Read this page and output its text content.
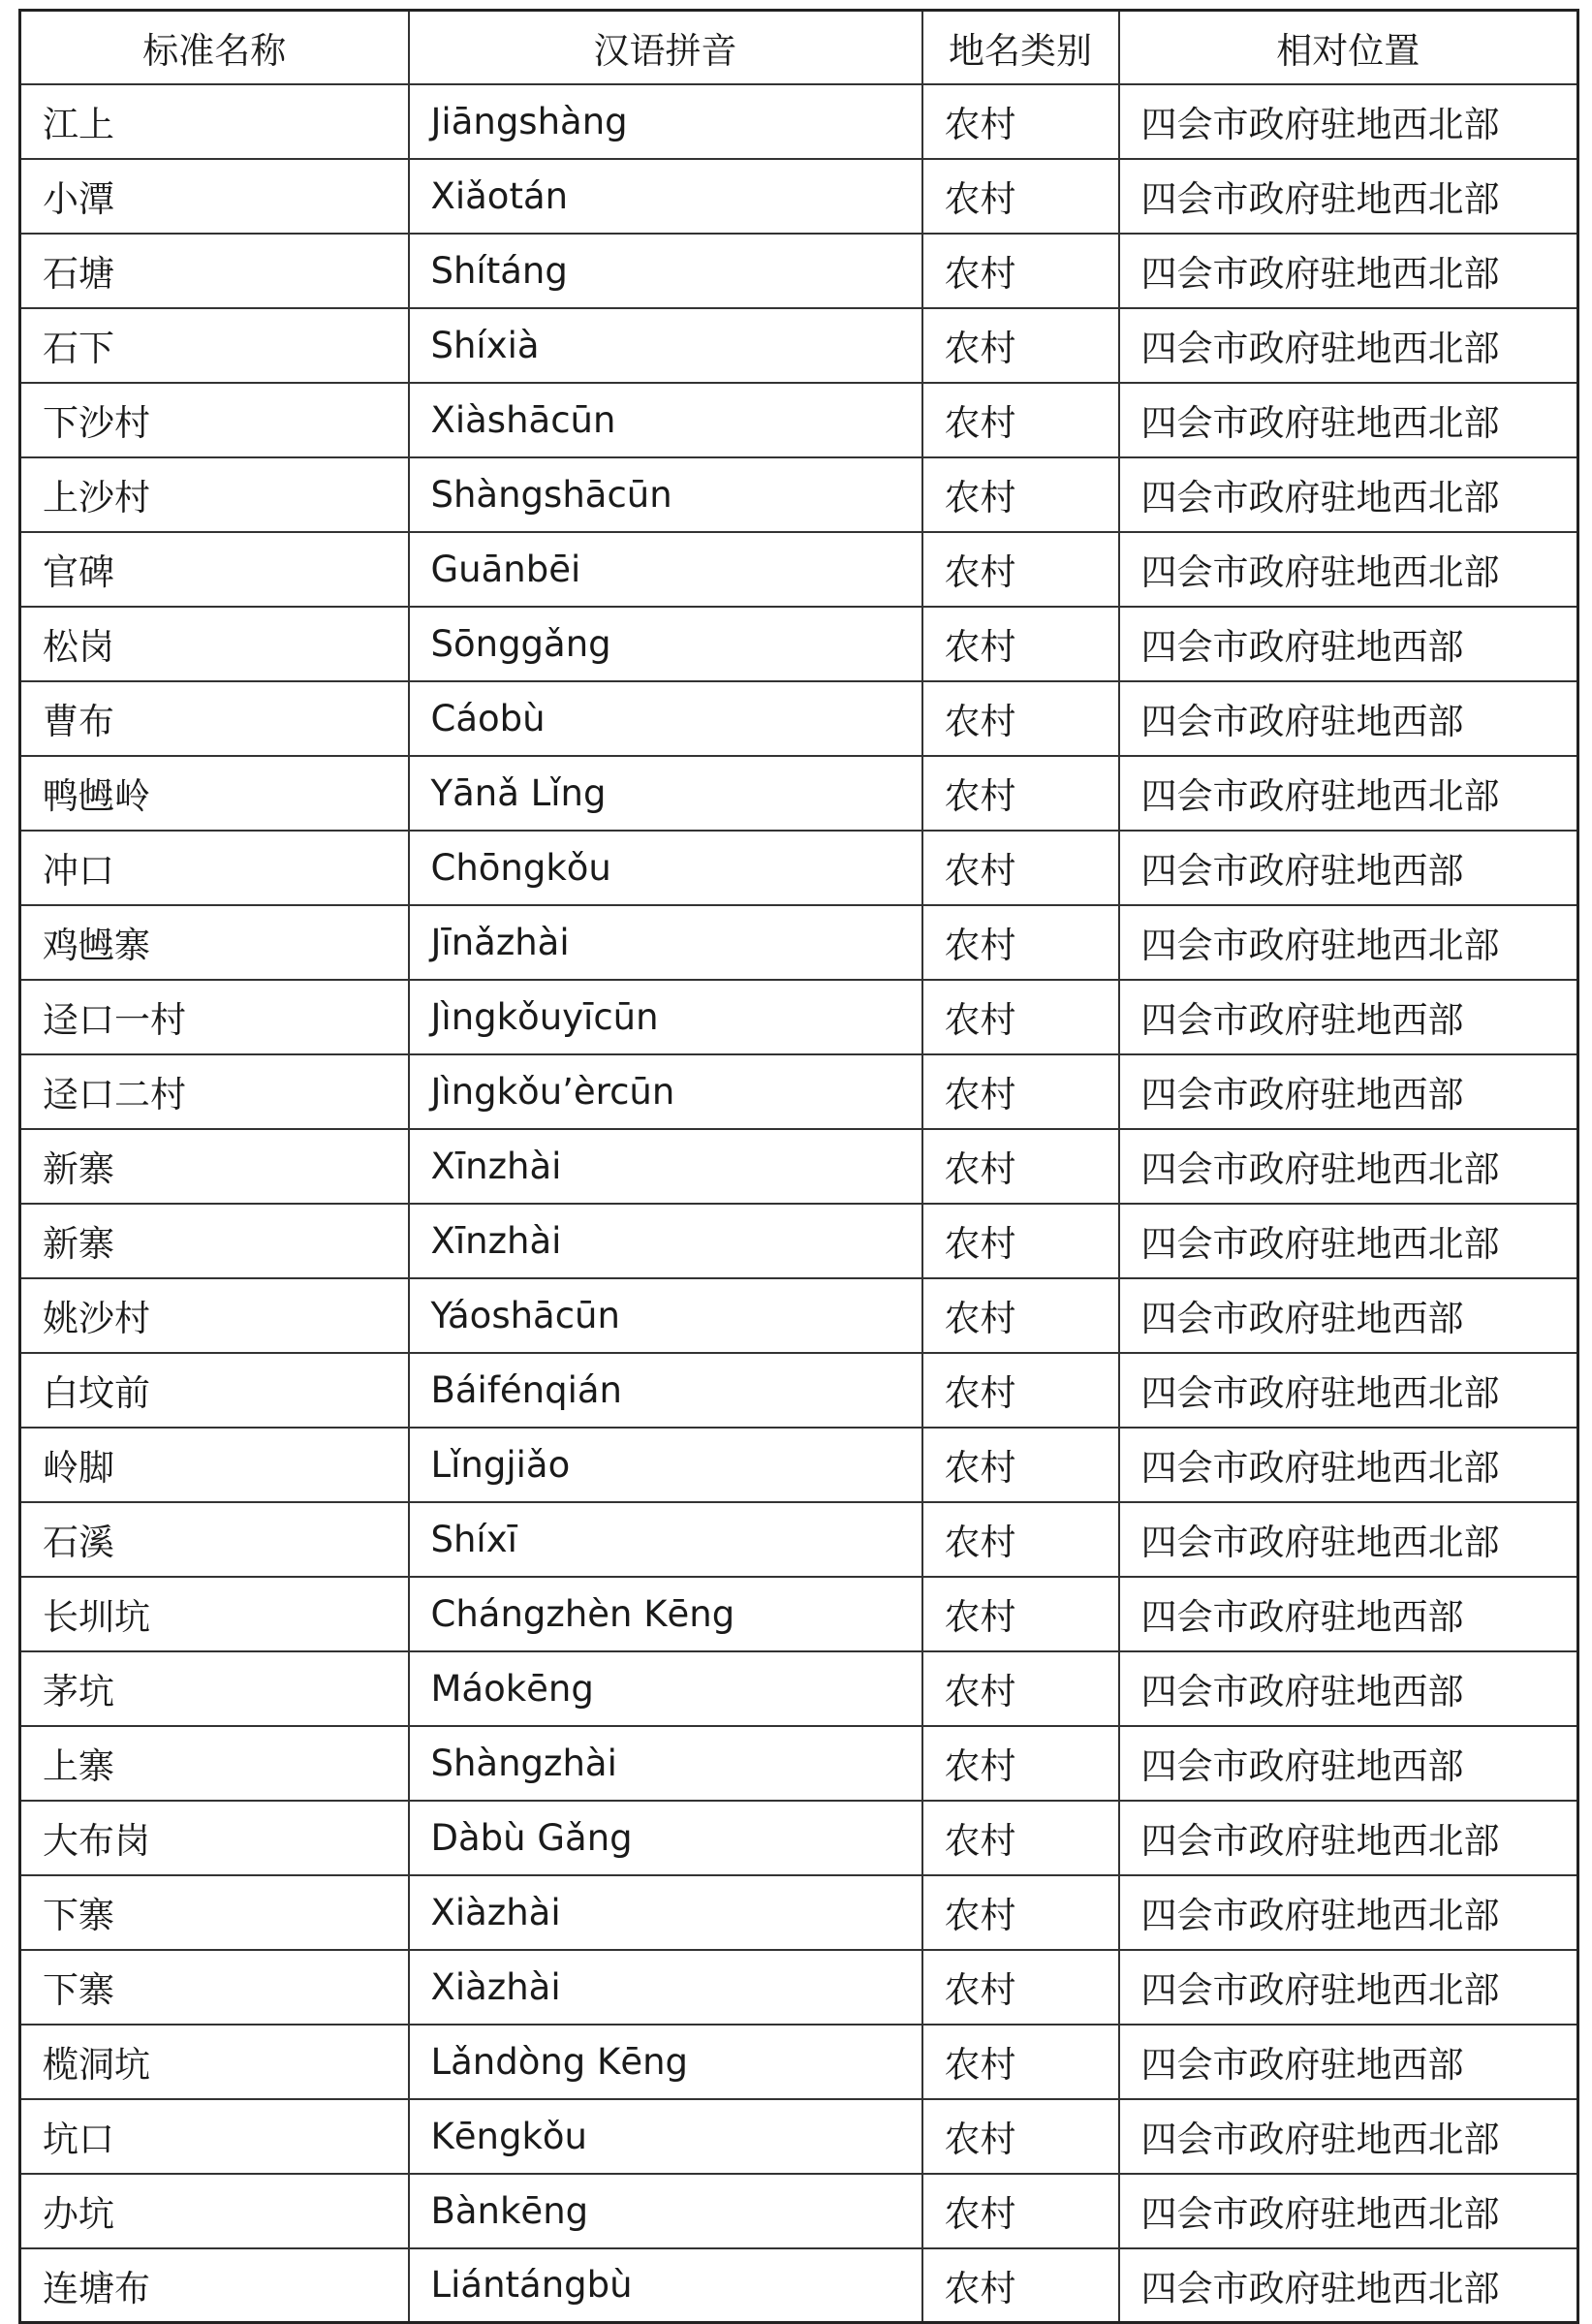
标准名称	汉语拼音	地名类别	相对位置
江上	Jiāngshàng	农村	四会市政府驻地西北部
小潭	Xiǎotán	农村	四会市政府驻地西北部
石塘	Shítáng	农村	四会市政府驻地西北部
石下	Shíxià	农村	四会市政府驻地西北部
下沙村	Xiàshācūn	农村	四会市政府驻地西北部
上沙村	Shàngshācūn	农村	四会市政府驻地西北部
官碑	Guānbēi	农村	四会市政府驻地西北部
松岗	Sōnggǎng	农村	四会市政府驻地西部
曹布	Cáobù	农村	四会市政府驻地西部
鸭乸岭	Yānǎ Lǐng	农村	四会市政府驻地西北部
冲口	Chōngkǒu	农村	四会市政府驻地西部
鸡乸寨	Jīnǎzhài	农村	四会市政府驻地西北部
迳口一村	Jìngkǒuyīcūn	农村	四会市政府驻地西部
迳口二村	Jìngkǒu’èrcūn	农村	四会市政府驻地西部
新寨	Xīnzhài	农村	四会市政府驻地西北部
新寨	Xīnzhài	农村	四会市政府驻地西北部
姚沙村	Yáoshācūn	农村	四会市政府驻地西部
白坟前	Báifénqián	农村	四会市政府驻地西北部
岭脚	Lǐngjiǎo	农村	四会市政府驻地西北部
石溪	Shíxī	农村	四会市政府驻地西北部
长圳坑	Chángzhèn Kēng	农村	四会市政府驻地西部
茅坑	Máokēng	农村	四会市政府驻地西部
上寨	Shàngzhài	农村	四会市政府驻地西部
大布岗	Dàbù Gǎng	农村	四会市政府驻地西北部
下寨	Xiàzhài	农村	四会市政府驻地西北部
下寨	Xiàzhài	农村	四会市政府驻地西北部
榄洞坑	Lǎndòng Kēng	农村	四会市政府驻地西部
坑口	Kēngkǒu	农村	四会市政府驻地西北部
办坑	Bànkēng	农村	四会市政府驻地西北部
连塘布	Liántángbù	农村	四会市政府驻地西北部
